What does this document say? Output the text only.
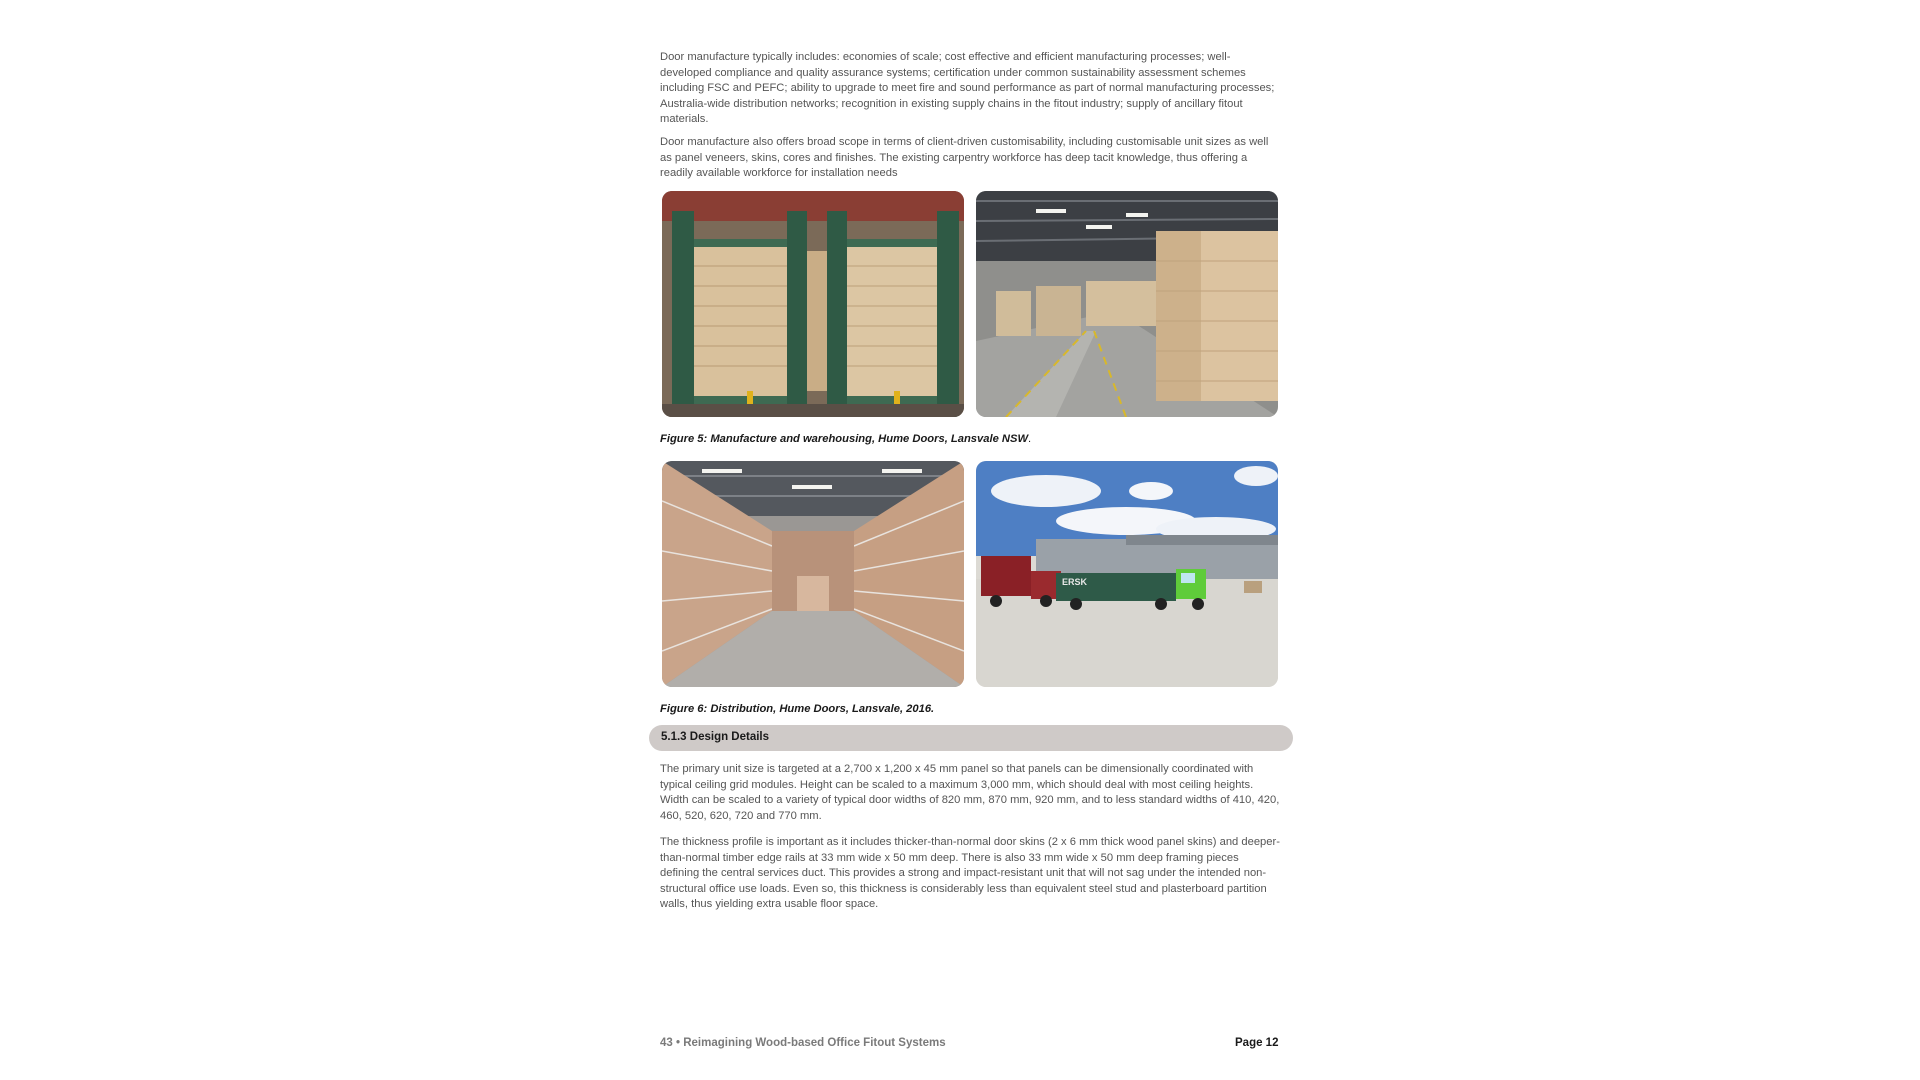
Door manufacture typically includes: economies of scale; cost effective and efficient manufacturing processes; well-developed compliance and quality assurance systems; certification under common sustainability assessment schemes including FSC and PEFC; ability to upgrade to meet fire and sound performance as part of normal manufacturing processes; Australia-wide distribution networks; recognition in existing supply chains in the fitout industry; supply of ancillary fitout materials.

Door manufacture also offers broad scope in terms of client-driven customisability, including customisable unit sizes as well as panel veneers, skins, cores and finishes. The existing carpentry workforce has deep tacit knowledge, thus offering a readily available workforce for installation needs

Figure 5: Manufacture and warehousing, Hume Doors, Lansvale NSW.
ERSK
Figure 6: Distribution, Hume Doors, Lansvale, 2016.
5.1.3 Design Details

The primary unit size is targeted at a 2,700 x 1,200 x 45 mm panel so that panels can be dimensionally coordinated with typical ceiling grid modules. Height can be scaled to a maximum 3,000 mm, which should deal with most ceiling heights. Width can be scaled to a variety of typical door widths of 820 mm, 870 mm, 920 mm, and to less standard widths of 410, 420, 460, 520, 620, 720 and 770 mm.

The thickness profile is important as it includes thicker-than-normal door skins (2 x 6 mm thick wood panel skins) and deeper-than-normal timber edge rails at 33 mm wide x 50 mm deep. There is also 33 mm wide x 50 mm deep framing pieces defining the central services duct. This provides a strong and impact-resistant unit that will not sag under the intended non-structural office use loads. Even so, this thickness is considerably less than equivalent steel stud and plasterboard partition walls, thus yielding extra usable floor space.

43 • Reimagining Wood-based Office Fitout Systems	Page 12
